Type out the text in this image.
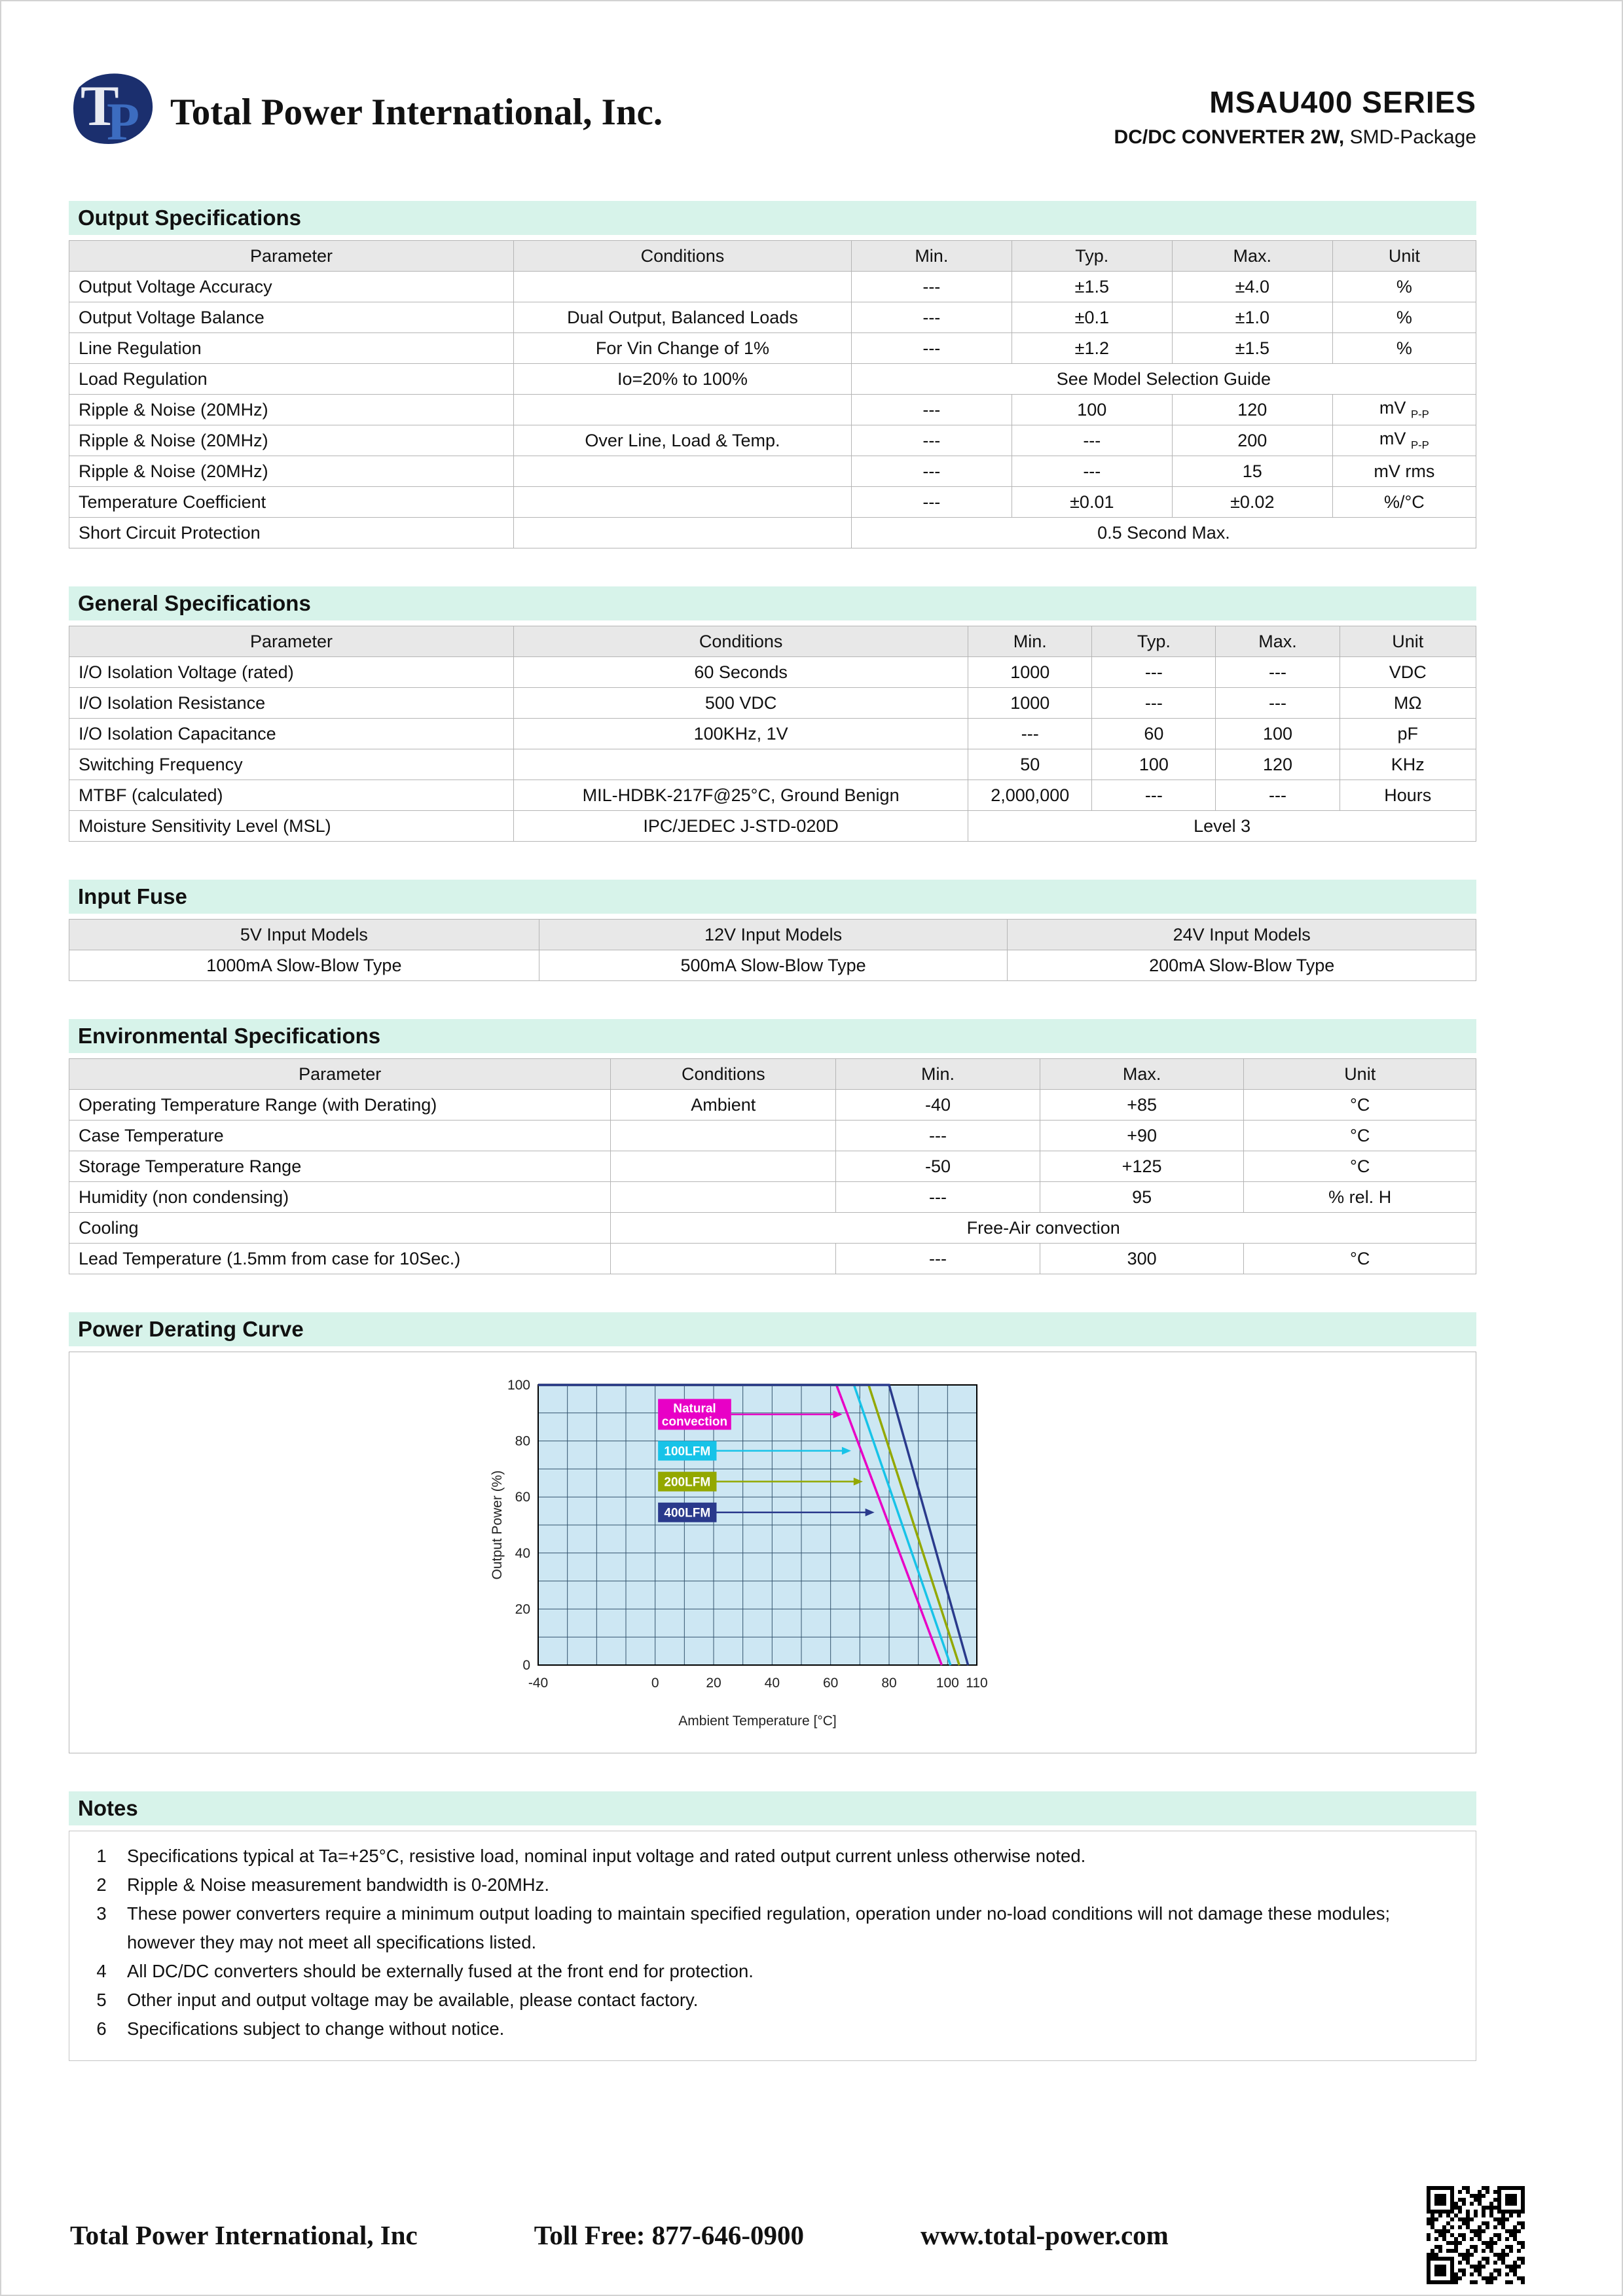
T
P Total Power International, Inc.	MSAU400 SERIES
DC/DC CONVERTER 2W, SMD-Package
Output Specifications
Parameter	Conditions	Min.	Typ.	Max.	Unit
Output Voltage Accuracy		---	±1.5	±4.0	%
Output Voltage Balance	Dual Output, Balanced Loads	---	±0.1	±1.0	%
Line Regulation	For Vin Change of 1%	---	±1.2	±1.5	%
Load Regulation	Io=20% to 100%	See Model Selection Guide			
Ripple & Noise (20MHz)		---	100	120	mV $_{P-P}$
Ripple & Noise (20MHz)	Over Line, Load & Temp.	---	---	200	mV $_{P-P}$
Ripple & Noise (20MHz)		---	---	15	mV rms
Temperature Coefficient		---	±0.01	±0.02	%/°C
Short Circuit Protection		0.5 Second Max.			
General Specifications
Parameter	Conditions	Min.	Typ.	Max.	Unit
I/O Isolation Voltage (rated)	60 Seconds	1000	---	---	VDC
I/O Isolation Resistance	500 VDC	1000	---	---	MΩ
I/O Isolation Capacitance	100KHz, 1V	---	60	100	pF
Switching Frequency		50	100	120	KHz
MTBF (calculated)	MIL-HDBK-217F@25°C, Ground Benign	2,000,000	---	---	Hours
Moisture Sensitivity Level (MSL)	IPC/JEDEC J-STD-020D	Level 3			
Input Fuse
5V Input Models	12V Input Models	24V Input Models
1000mA Slow-Blow Type	500mA Slow-Blow Type	200mA Slow-Blow Type
Environmental Specifications
Parameter	Conditions	Min.	Max.	Unit
Operating Temperature Range (with Derating)	Ambient	-40	+85	°C
Case Temperature		---	+90	°C
Storage Temperature Range		-50	+125	°C
Humidity (non condensing)		---	95	% rel. H
Cooling	Free-Air convection			
Lead Temperature (1.5mm from case for 10Sec.)		---	300	°C
Power Derating Curve
-40	0	20	40	60	80	100 110
0
20
40
60
80
100
Ambient Temperature [°C]
Output Power (%)
Natural
convection
100LFM
200LFM
400LFM
Notes
1	Specifications typical at Ta=+25°C, resistive load, nominal input voltage and rated output current unless otherwise noted.
2	Ripple & Noise measurement bandwidth is 0-20MHz.
3	These power converters require a minimum output loading to maintain specified regulation, operation under no-load conditions will not damage these modules; however they may not meet all specifications listed.
4	All DC/DC converters should be externally fused at the front end for protection.
5	Other input and output voltage may be available, please contact factory.
6	Specifications subject to change without notice.
Total Power International, Inc	Toll Free: 877-646-0900	www.total-power.com
